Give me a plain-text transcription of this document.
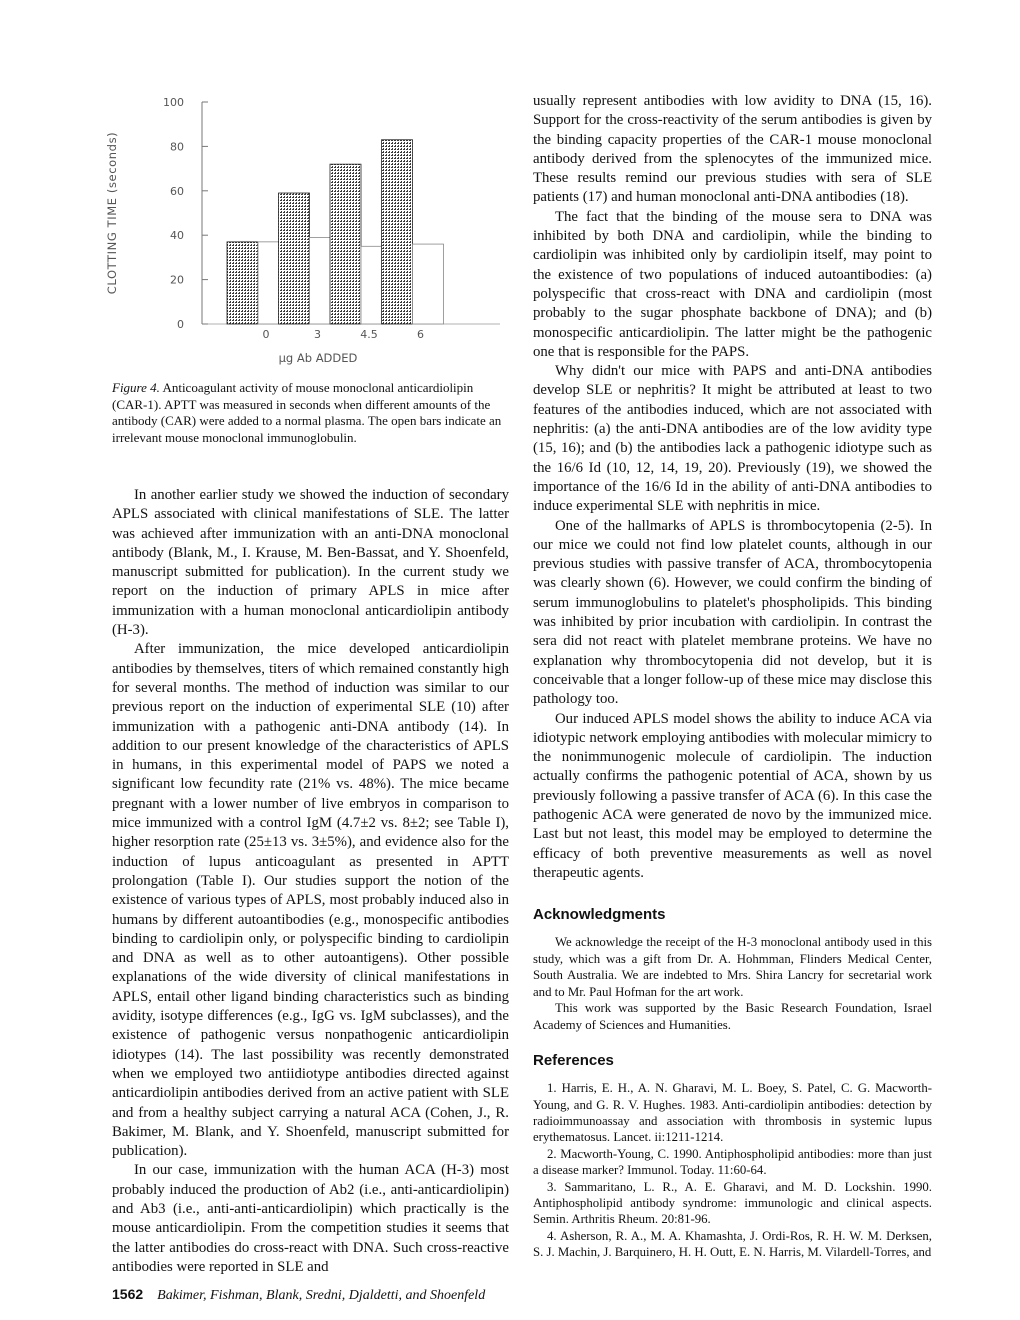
0
20
40
60
80
100
0	3	4.5	6
CLOTTING TIME (seconds)
µg Ab ADDED
Figure 4. Anticoagulant activity of mouse monoclonal anticardiolipin (CAR-1). APTT was measured in seconds when different amounts of the antibody (CAR) were added to a normal plasma. The open bars indicate an irrelevant mouse monoclonal immunoglobulin.

In another earlier study we showed the induction of secondary APLS associated with clinical manifestations of SLE. The latter was achieved after immunization with an anti-DNA monoclonal antibody (Blank, M., I. Krause, M. Ben-Bassat, and Y. Shoenfeld, manuscript submitted for publication). In the current study we report on the induction of primary APLS in mice after immunization with a human monoclonal anticardiolipin antibody (H-3).

After immunization, the mice developed anticardiolipin antibodies by themselves, titers of which remained constantly high for several months. The method of induction was similar to our previous report on the induction of experimental SLE (10) after immunization with a pathogenic anti-DNA antibody (14). In addition to our present knowledge of the characteristics of APLS in humans, in this experimental model of PAPS we noted a significant low fecundity rate (21% vs. 48%). The mice became pregnant with a lower number of live embryos in comparison to mice immunized with a control IgM (4.7±2 vs. 8±2; see Table I), higher resorption rate (25±13 vs. 3±5%), and evidence also for the induction of lupus anticoagulant as presented in APTT prolongation (Table I). Our studies support the notion of the existence of various types of APLS, most probably induced also in humans by different autoantibodies (e.g., monospecific antibodies binding to cardiolipin only, or polyspecific binding to cardiolipin and DNA as well as to other autoantigens). Other possible explanations of the wide diversity of clinical manifestations in APLS, entail other ligand binding characteristics such as binding avidity, isotype differences (e.g., IgG vs. IgM subclasses), and the existence of pathogenic versus nonpathogenic anticardiolipin idiotypes (14). The last possibility was recently demonstrated when we employed two antiidiotype antibodies directed against anticardiolipin antibodies derived from an active patient with SLE and from a healthy subject carrying a natural ACA (Cohen, J., R. Bakimer, M. Blank, and Y. Shoenfeld, manuscript submitted for publication).

In our case, immunization with the human ACA (H-3) most probably induced the production of Ab2 (i.e., anti-anticardiolipin) and Ab3 (i.e., anti-anti-anticardiolipin) which practically is the mouse anticardiolipin. From the competition studies it seems that the latter antibodies do cross-react with DNA. Such cross-reactive antibodies were reported in SLE and

usually represent antibodies with low avidity to DNA (15, 16). Support for the cross-reactivity of the serum antibodies is given by the binding capacity properties of the CAR-1 mouse monoclonal antibody derived from the splenocytes of the immunized mice. These results remind our previous studies with sera of SLE patients (17) and human monoclonal anti-DNA antibodies (18).

The fact that the binding of the mouse sera to DNA was inhibited by both DNA and cardiolipin, while the binding to cardiolipin was inhibited only by cardiolipin itself, may point to the existence of two populations of induced autoantibodies: (a) polyspecific that cross-react with DNA and cardiolipin (most probably to the sugar phosphate backbone of DNA); and (b) monospecific anticardiolipin. The latter might be the pathogenic one that is responsible for the PAPS.

Why didn't our mice with PAPS and anti-DNA antibodies develop SLE or nephritis? It might be attributed at least to two features of the antibodies induced, which are not associated with nephritis: (a) the anti-DNA antibodies are of the low avidity type (15, 16); and (b) the antibodies lack a pathogenic idiotype such as the 16/6 Id (10, 12, 14, 19, 20). Previously (19), we showed the importance of the 16/6 Id in the ability of anti-DNA antibodies to induce experimental SLE with nephritis in mice.

One of the hallmarks of APLS is thrombocytopenia (2-5). In our mice we could not find low platelet counts, although in our previous studies with passive transfer of ACA, thrombocytopenia was clearly shown (6). However, we could confirm the binding of serum immunoglobulins to platelet's phospholipids. This binding was inhibited by prior incubation with cardiolipin. In contrast the sera did not react with platelet membrane proteins. We have no explanation why thrombocytopenia did not develop, but it is conceivable that a longer follow-up of these mice may disclose this pathology too.

Our induced APLS model shows the ability to induce ACA via idiotypic network employing antibodies with molecular mimicry to the nonimmunogenic molecule of cardiolipin. The induction actually confirms the pathogenic potential of ACA, shown by us previously following a passive transfer of ACA (6). In this case the pathogenic ACA were generated de novo by the immunized mice. Last but not least, this model may be employed to determine the efficacy of both preventive measurements as well as novel therapeutic agents.

Acknowledgments

We acknowledge the receipt of the H-3 monoclonal antibody used in this study, which was a gift from Dr. A. Hohmman, Flinders Medical Center, South Australia. We are indebted to Mrs. Shira Lancry for secretarial work and to Mr. Paul Hofman for the art work.

This work was supported by the Basic Research Foundation, Israel Academy of Sciences and Humanities.

References

1. Harris, E. H., A. N. Gharavi, M. L. Boey, S. Patel, C. G. Macworth-Young, and G. R. V. Hughes. 1983. Anti-cardiolipin antibodies: detection by radioimmunoassay and association with thrombosis in systemic lupus erythematosus. Lancet. ii:1211-1214.

2. Macworth-Young, C. 1990. Antiphospholipid antibodies: more than just a disease marker? Immunol. Today. 11:60-64.

3. Sammaritano, L. R., A. E. Gharavi, and M. D. Lockshin. 1990. Antiphospholipid antibody syndrome: immunologic and clinical aspects. Semin. Arthritis Rheum. 20:81-96.

4. Asherson, R. A., M. A. Khamashta, J. Ordi-Ros, R. H. W. M. Derksen, S. J. Machin, J. Barquinero, H. H. Outt, E. N. Harris, M. Vilardell-Torres, and

1562 Bakimer, Fishman, Blank, Sredni, Djaldetti, and Shoenfeld
